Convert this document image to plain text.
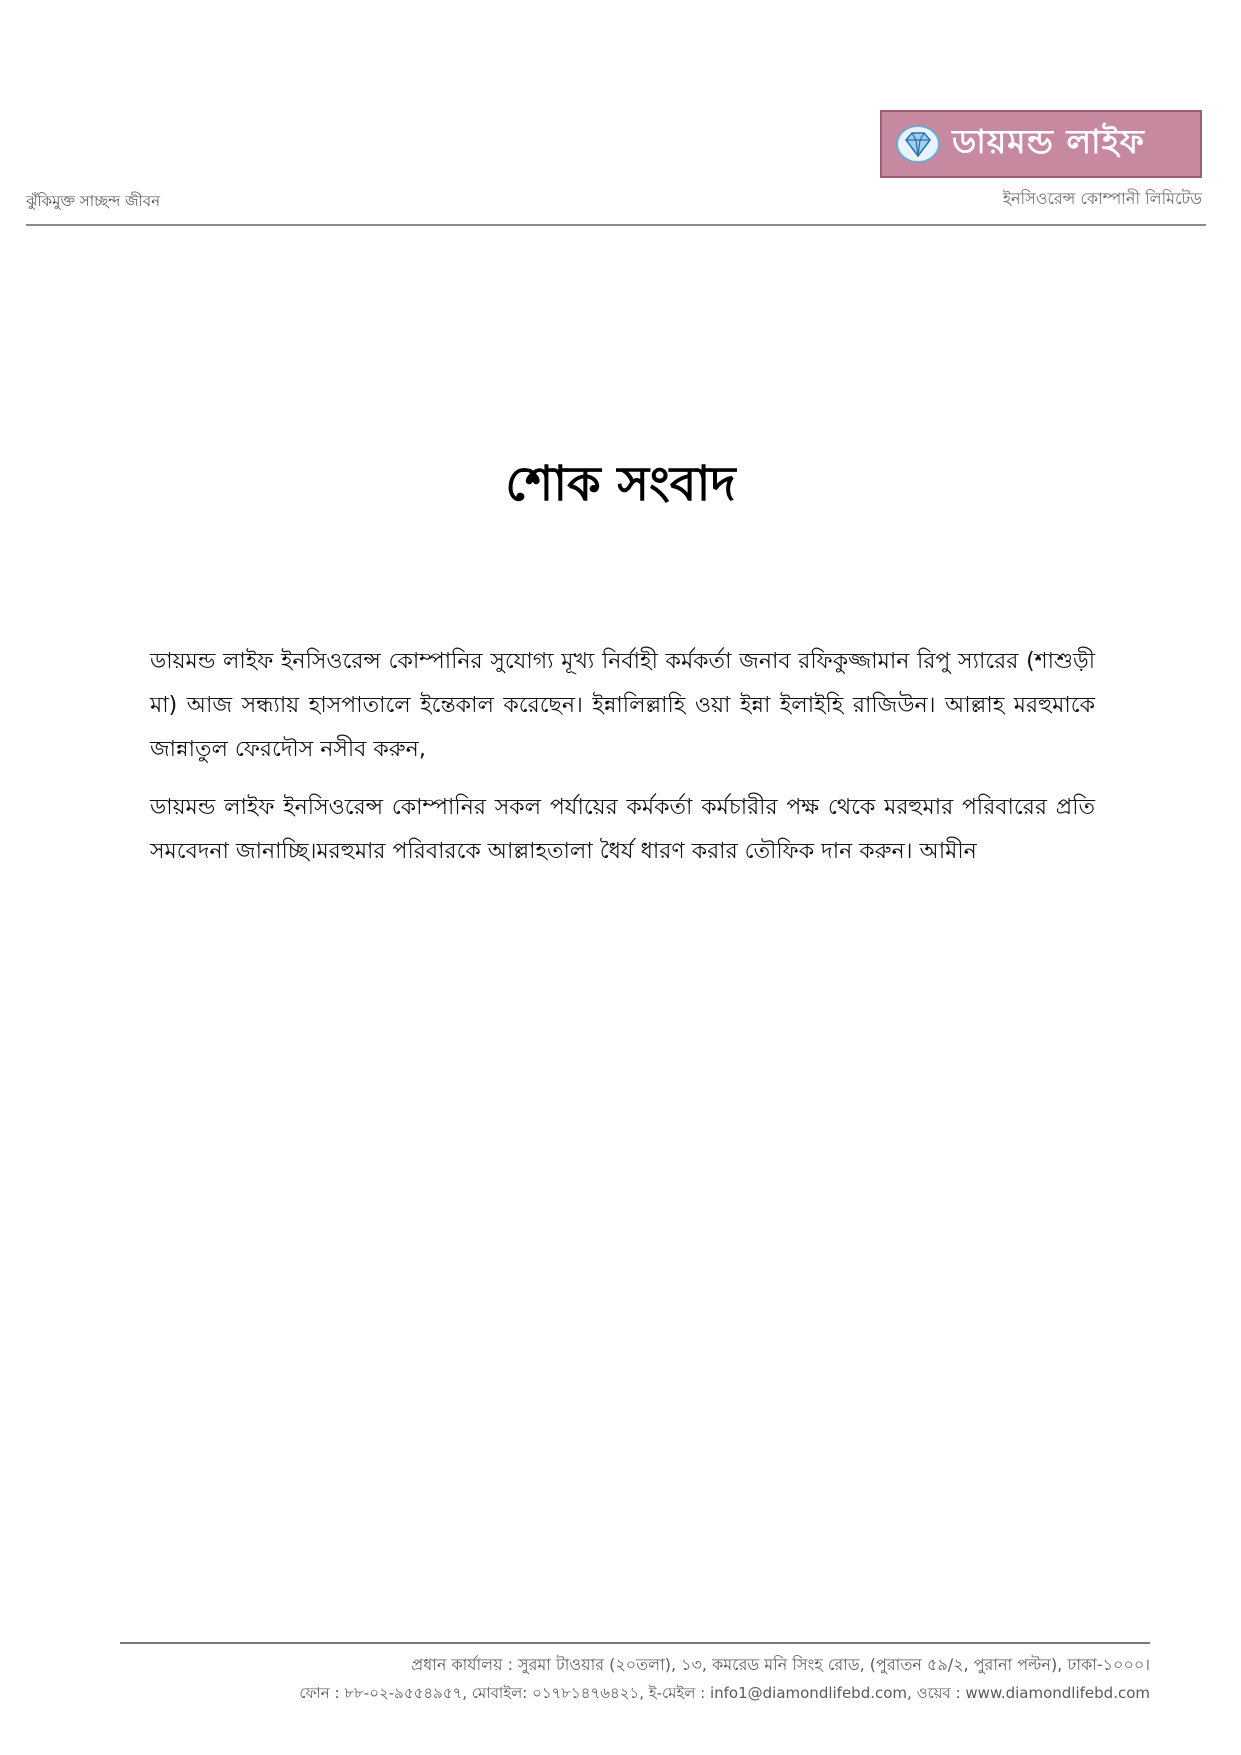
ঝুঁকিমুক্ত সাচ্ছন্দ জীবন
ডায়মন্ড লাইফ
ইনসিওরেন্স কোম্পানী লিমিটেড
শোক সংবাদ

ডায়মন্ড লাইফ ইনসিওরেন্স কোম্পানির সুযোগ্য মূখ্য নির্বাহী কর্মকর্তা জনাব রফিকুজ্জামান রিপু স্যারের (শাশুড়ী মা) আজ সন্ধ্যায় হাসপাতালে ইন্তেকাল করেছেন। ইন্নালিল্লাহি ওয়া ইন্না ইলাইহি রাজিউন। আল্লাহ মরহুমাকে জান্নাতুল ফেরদৌস নসীব করুন,

ডায়মন্ড লাইফ ইনসিওরেন্স কোম্পানির সকল পর্যায়ের কর্মকর্তা কর্মচারীর পক্ষ থেকে মরহুমার পরিবারের প্রতি সমবেদনা জানাচ্ছি।মরহুমার পরিবারকে আল্লাহতালা ধৈর্য ধারণ করার তৌফিক দান করুন। আমীন

প্রধান কার্যালয় : সুরমা টাওয়ার (২০তলা), ১৩, কমরেড মনি সিংহ রোড, (পুরাতন ৫৯/২, পুরানা পল্টন), ঢাকা-১০০০।
ফোন : ৮৮-০২-৯৫৫৪৯৫৭, মোবাইল: ০১৭৮১৪৭৬৪২১, ই-মেইল : info1@diamondlifebd.com, ওয়েব : www.diamondlifebd.com
